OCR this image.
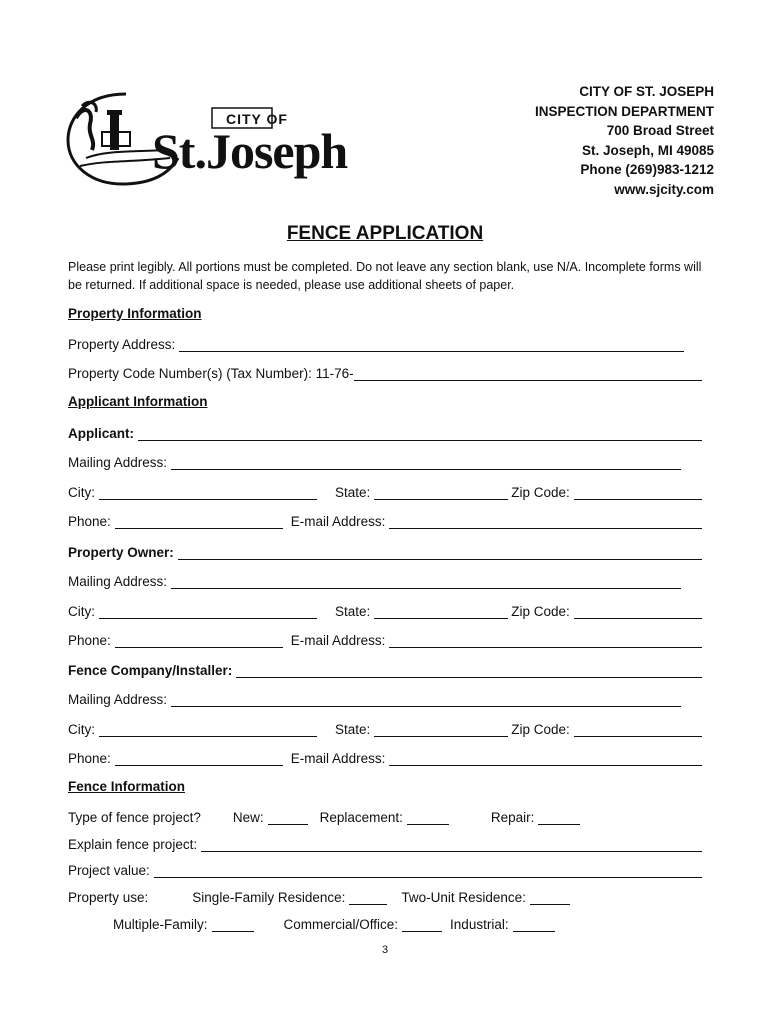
CITY OF
St.Joseph
CITY OF ST. JOSEPH
INSPECTION DEPARTMENT
700 Broad Street
St. Joseph, MI 49085
Phone (269)983-1212
www.sjcity.com
FENCE APPLICATION
Please print legibly. All portions must be completed. Do not leave any section blank, use N/A. Incomplete forms will be returned. If additional space is needed, please use additional sheets of paper.
Property Information
Property Address:
Property Code Number(s) (Tax Number): 11-76-
Applicant Information
Applicant:
Mailing Address:
City:	State:	Zip Code:
Phone:	E-mail Address:
Property Owner:
Mailing Address:
City:	State:	Zip Code:
Phone:	E-mail Address:
Fence Company/Installer:
Mailing Address:
City:	State:	Zip Code:
Phone:	E-mail Address:
Fence Information
Type of fence project?	New:	Replacement:	Repair:
Explain fence project:
Project value:
Property use:	Single-Family Residence:	Two-Unit Residence:
Multiple-Family:	Commercial/Office:	Industrial:
3
